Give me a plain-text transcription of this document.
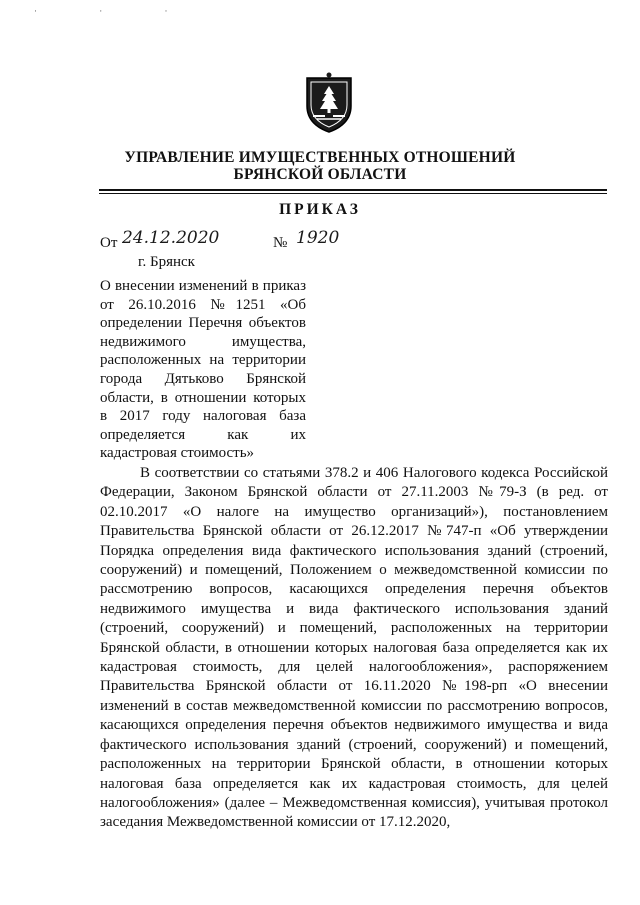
· · ·
УПРАВЛЕНИЕ ИМУЩЕСТВЕННЫХ ОТНОШЕНИЙ
БРЯНСКОЙ ОБЛАСТИ
ПРИКАЗ
От 24.12.2020	№ 1920
г. Брянск
О внесении изменений в приказ от 26.10.2016 №1251 «Об определении Перечня объектов недвижимого имущества, расположенных на территории города Дятьково Брянской области, в отношении которых в 2017 году налоговая база определяется как их кадастровая стоимость»
В соответствии со статьями 378.2 и 406 Налогового кодекса Российской Федерации, Законом Брянской области от 27.11.2003 №79-З (в ред. от 02.10.2017 «О налоге на имущество организаций»), постановлением Правительства Брянской области от 26.12.2017 №747-п «Об утверждении Порядка определения вида фактического использования зданий (строений, сооружений) и помещений, Положением о межведомственной комиссии по рассмотрению вопросов, касающихся определения перечня объектов недвижимого имущества и вида фактического использования зданий (строений, сооружений) и помещений, расположенных на территории Брянской области, в отношении которых налоговая база определяется как их кадастровая стоимость, для целей налогообложения», распоряжением Правительства Брянской области от 16.11.2020 №198-рп «О внесении изменений в состав межведомственной комиссии по рассмотрению вопросов, касающихся определения перечня объектов недвижимого имущества и вида фактического использования зданий (строений, сооружений) и помещений, расположенных на территории Брянской области, в отношении которых налоговая база определяется как их кадастровая стоимость, для целей налогообложения» (далее – Межведомственная комиссия), учитывая протокол заседания Межведомственной комиссии от 17.12.2020,
